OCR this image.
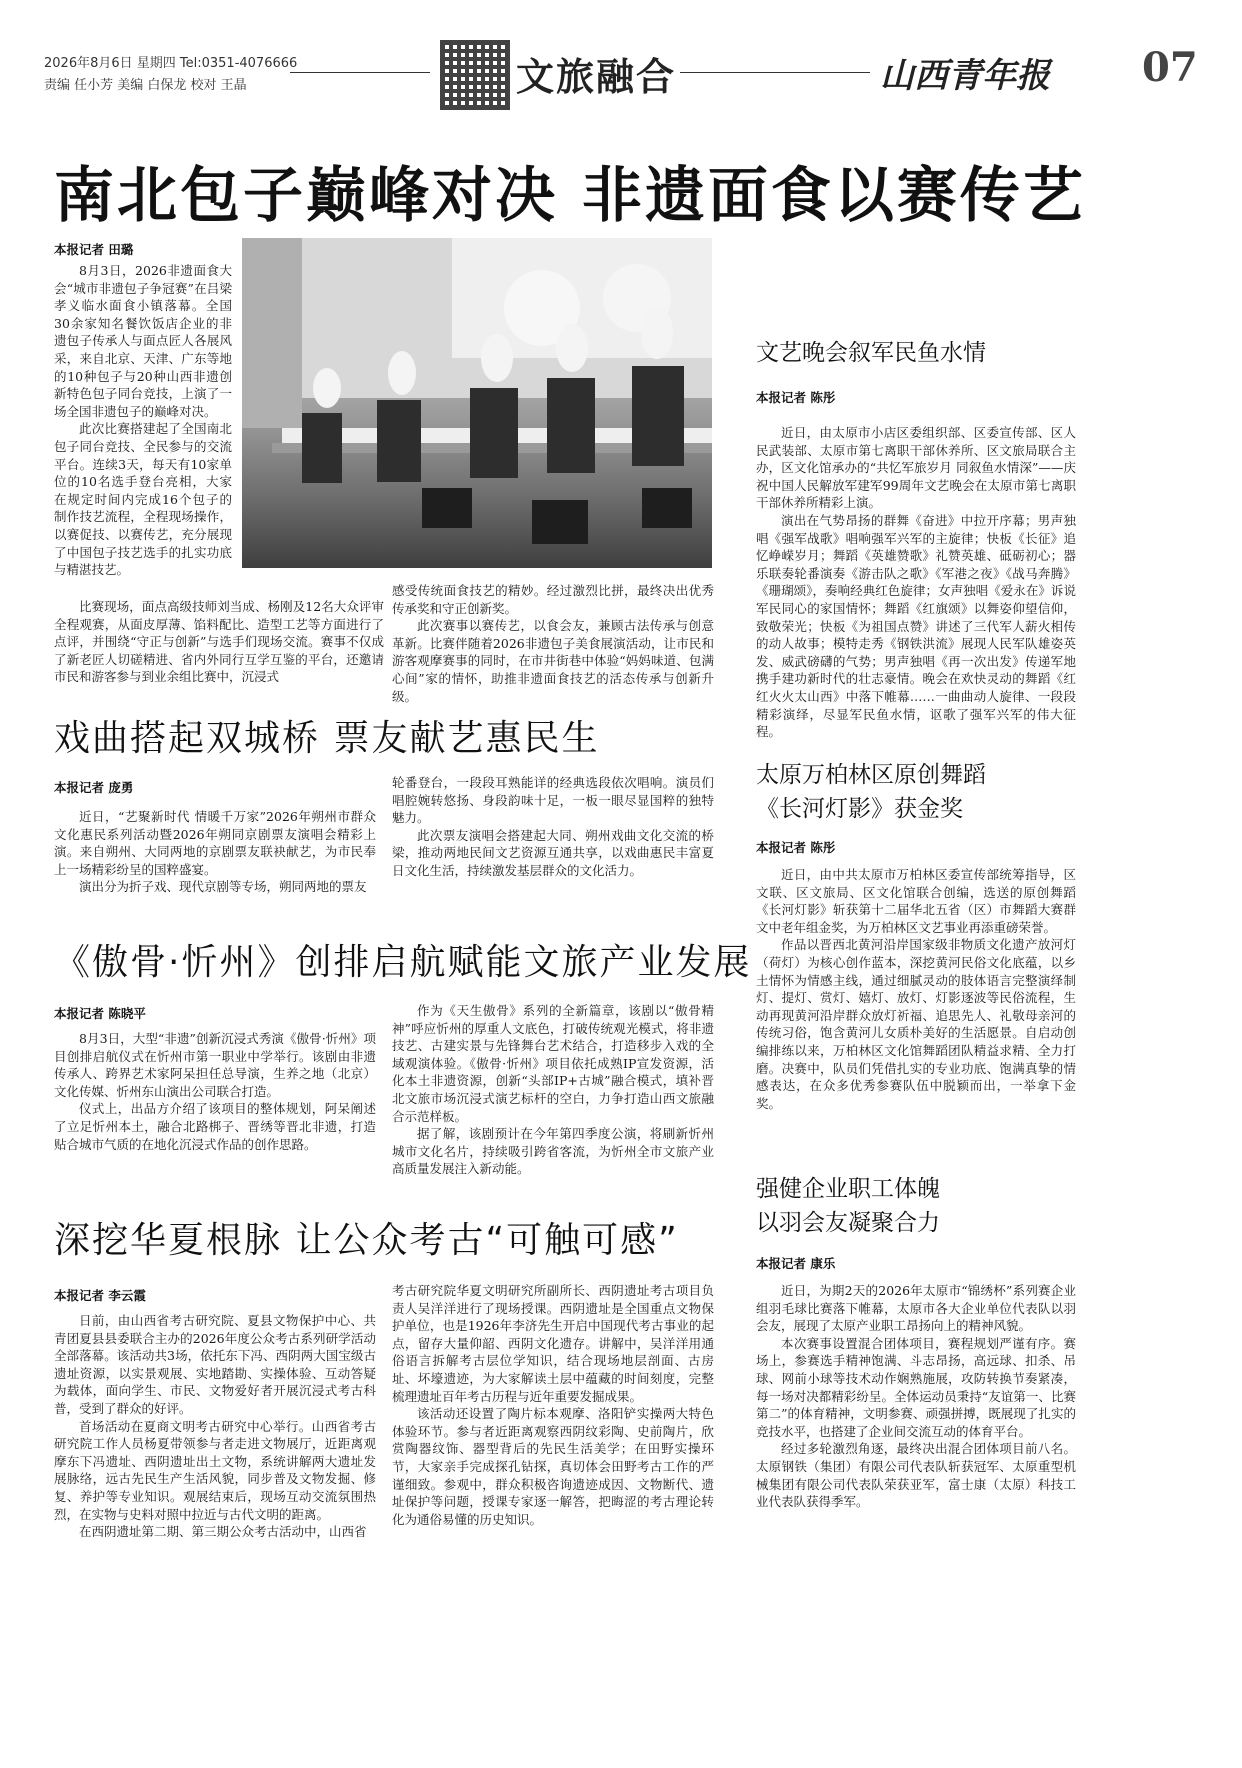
2026年8月6日 星期四 Tel:0351-4076666
责编 任小芳 美编 白保龙 校对 王晶	文旅融合	山西青年报 07
南北包子巅峰对决 非遗面食以赛传艺
本报记者 田璐

8月3日，2026非遗面食大会“城市非遗包子争冠赛”在吕梁孝义临水面食小镇落幕。全国30余家知名餐饮饭店企业的非遗包子传承人与面点匠人各展风采，来自北京、天津、广东等地的10种包子与20种山西非遗创新特色包子同台竞技，上演了一场全国非遗包子的巅峰对决。

此次比赛搭建起了全国南北包子同台竞技、全民参与的交流平台。连续3天，每天有10家单位的10名选手登台亮相，大家在规定时间内完成16个包子的制作技艺流程，全程现场操作，以赛促技、以赛传艺，充分展现了中国包子技艺选手的扎实功底与精湛技艺。

比赛现场，面点高级技师刘当成、杨刚及12名大众评审全程观赛，从面皮厚薄、馅料配比、造型工艺等方面进行了点评，并围绕“守正与创新”与选手们现场交流。赛事不仅成了新老匠人切磋精进、省内外同行互学互鉴的平台，还邀请市民和游客参与到业余组比赛中，沉浸式

感受传统面食技艺的精妙。经过激烈比拼，最终决出优秀传承奖和守正创新奖。

此次赛事以赛传艺，以食会友，兼顾古法传承与创意革新。比赛伴随着2026非遗包子美食展演活动，让市民和游客观摩赛事的同时，在市井街巷中体验“妈妈味道、包满心间”家的情怀，助推非遗面食技艺的活态传承与创新升级。

戏曲搭起双城桥 票友献艺惠民生
本报记者 庞勇

近日，“艺聚新时代 情暖千万家”2026年朔州市群众文化惠民系列活动暨2026年朔同京剧票友演唱会精彩上演。来自朔州、大同两地的京剧票友联袂献艺，为市民奉上一场精彩纷呈的国粹盛宴。

演出分为折子戏、现代京剧等专场，朔同两地的票友

轮番登台，一段段耳熟能详的经典选段依次唱响。演员们唱腔婉转悠扬、身段韵味十足，一板一眼尽显国粹的独特魅力。

此次票友演唱会搭建起大同、朔州戏曲文化交流的桥梁，推动两地民间文艺资源互通共享，以戏曲惠民丰富夏日文化生活，持续激发基层群众的文化活力。

《傲骨·忻州》创排启航赋能文旅产业发展
本报记者 陈晓平

8月3日，大型“非遗”创新沉浸式秀演《傲骨·忻州》项目创排启航仪式在忻州市第一职业中学举行。该剧由非遗传承人、跨界艺术家阿呆担任总导演，生养之地（北京）文化传媒、忻州东山演出公司联合打造。

仪式上，出品方介绍了该项目的整体规划，阿呆阐述了立足忻州本土，融合北路梆子、晋绣等晋北非遗，打造贴合城市气质的在地化沉浸式作品的创作思路。

作为《天生傲骨》系列的全新篇章，该剧以“傲骨精神”呼应忻州的厚重人文底色，打破传统观光模式，将非遗技艺、古建实景与先锋舞台艺术结合，打造移步入戏的全域观演体验。《傲骨·忻州》项目依托成熟IP宣发资源，活化本土非遗资源，创新“头部IP+古城”融合模式，填补晋北文旅市场沉浸式演艺标杆的空白，力争打造山西文旅融合示范样板。

据了解，该剧预计在今年第四季度公演，将刷新忻州城市文化名片，持续吸引跨省客流，为忻州全市文旅产业高质量发展注入新动能。

深挖华夏根脉 让公众考古“可触可感”
本报记者 李云霞

日前，由山西省考古研究院、夏县文物保护中心、共青团夏县县委联合主办的2026年度公众考古系列研学活动全部落幕。该活动共3场，依托东下冯、西阴两大国宝级古遗址资源，以实景观展、实地踏勘、实操体验、互动答疑为载体，面向学生、市民、文物爱好者开展沉浸式考古科普，受到了群众的好评。

首场活动在夏商文明考古研究中心举行。山西省考古研究院工作人员杨夏带领参与者走进文物展厅，近距离观摩东下冯遗址、西阴遗址出土文物，系统讲解两大遗址发展脉络，远古先民生产生活风貌，同步普及文物发掘、修复、养护等专业知识。观展结束后，现场互动交流氛围热烈，在实物与史料对照中拉近与古代文明的距离。

在西阴遗址第二期、第三期公众考古活动中，山西省

考古研究院华夏文明研究所副所长、西阴遗址考古项目负责人吴洋洋进行了现场授课。西阴遗址是全国重点文物保护单位，也是1926年李济先生开启中国现代考古事业的起点，留存大量仰韶、西阴文化遗存。讲解中，吴洋洋用通俗语言拆解考古层位学知识，结合现场地层剖面、古房址、坏壕遗迹，为大家解读土层中蕴藏的时间刻度，完整梳理遗址百年考古历程与近年重要发掘成果。

该活动还设置了陶片标本观摩、洛阳铲实操两大特色体验环节。参与者近距离观察西阴纹彩陶、史前陶片，欣赏陶器纹饰、器型背后的先民生活美学；在田野实操环节，大家亲手完成探孔钻探，真切体会田野考古工作的严谨细致。参观中，群众积极咨询遗迹成因、文物断代、遗址保护等问题，授课专家逐一解答，把晦涩的考古理论转化为通俗易懂的历史知识。

文艺晚会叙军民鱼水情
本报记者 陈彤

近日，由太原市小店区委组织部、区委宣传部、区人民武装部、太原市第七离职干部休养所、区文旅局联合主办，区文化馆承办的“共忆军旅岁月 同叙鱼水情深”——庆祝中国人民解放军建军99周年文艺晚会在太原市第七离职干部休养所精彩上演。

演出在气势昂扬的群舞《奋进》中拉开序幕；男声独唱《强军战歌》唱响强军兴军的主旋律；快板《长征》追忆峥嵘岁月；舞蹈《英雄赞歌》礼赞英雄、砥砺初心；器乐联奏轮番演奏《游击队之歌》《军港之夜》《战马奔腾》《珊瑚颂》，奏响经典红色旋律；女声独唱《爱永在》诉说军民同心的家国情怀；舞蹈《红旗颂》以舞姿仰望信仰，致敬荣光；快板《为祖国点赞》讲述了三代军人薪火相传的动人故事；模特走秀《钢铁洪流》展现人民军队雄姿英发、威武磅礴的气势；男声独唱《再一次出发》传递军地携手建功新时代的壮志豪情。晚会在欢快灵动的舞蹈《红红火火太山西》中落下帷幕……一曲曲动人旋律、一段段精彩演绎，尽显军民鱼水情，讴歌了强军兴军的伟大征程。

太原万柏林区原创舞蹈
《长河灯影》获金奖
本报记者 陈彤

近日，由中共太原市万柏林区委宣传部统筹指导，区文联、区文旅局、区文化馆联合创编，选送的原创舞蹈《长河灯影》斩获第十二届华北五省（区）市舞蹈大赛群文中老年组金奖，为万柏林区文艺事业再添重磅荣誉。

作品以晋西北黄河沿岸国家级非物质文化遗产放河灯（荷灯）为核心创作蓝本，深挖黄河民俗文化底蕴，以乡土情怀为情感主线，通过细腻灵动的肢体语言完整演绎制灯、提灯、赏灯、嬉灯、放灯、灯影逐波等民俗流程，生动再现黄河沿岸群众放灯祈福、追思先人、礼敬母亲河的传统习俗，饱含黄河儿女质朴美好的生活愿景。自启动创编排练以来，万柏林区文化馆舞蹈团队精益求精、全力打磨。决赛中，队员们凭借扎实的专业功底、饱满真挚的情感表达，在众多优秀参赛队伍中脱颖而出，一举拿下金奖。

强健企业职工体魄
以羽会友凝聚合力
本报记者 康乐

近日，为期2天的2026年太原市“锦绣杯”系列赛企业组羽毛球比赛落下帷幕，太原市各大企业单位代表队以羽会友，展现了太原产业职工昂扬向上的精神风貌。

本次赛事设置混合团体项目，赛程规划严谨有序。赛场上，参赛选手精神饱满、斗志昂扬，高远球、扣杀、吊球、网前小球等技术动作娴熟施展，攻防转换节奏紧凑，每一场对决都精彩纷呈。全体运动员秉持“友谊第一、比赛第二”的体育精神，文明参赛、顽强拼搏，既展现了扎实的竞技水平，也搭建了企业间交流互动的体育平台。

经过多轮激烈角逐，最终决出混合团体项目前八名。太原钢铁（集团）有限公司代表队斩获冠军、太原重型机械集团有限公司代表队荣获亚军，富士康（太原）科技工业代表队获得季军。
